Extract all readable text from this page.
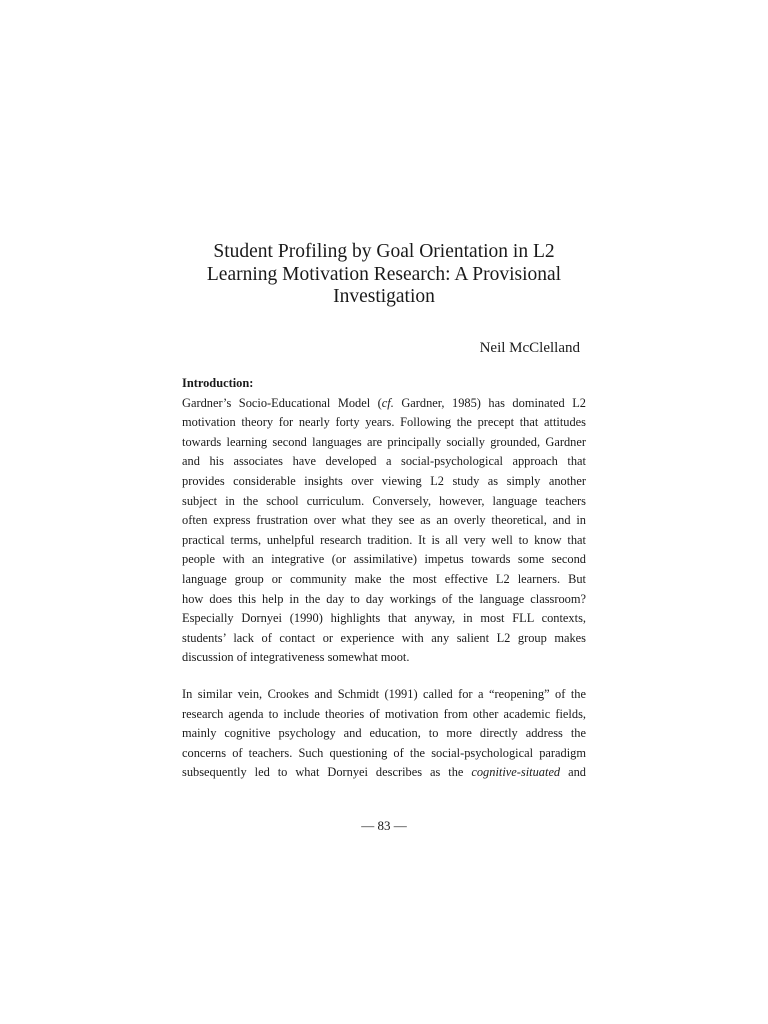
Student Profiling by Goal Orientation in L2
Learning Motivation Research: A Provisional
Investigation
Neil McClelland
Introduction:
Gardner’s Socio-Educational Model (cf. Gardner, 1985) has dominated L2
motivation theory for nearly forty years. Following the precept that attitudes
towards learning second languages are principally socially grounded, Gardner
and his associates have developed a social-psychological approach that
provides considerable insights over viewing L2 study as simply another
subject in the school curriculum. Conversely, however, language teachers
often express frustration over what they see as an overly theoretical, and in
practical terms, unhelpful research tradition. It is all very well to know that
people with an integrative (or assimilative) impetus towards some second
language group or community make the most effective L2 learners. But
how does this help in the day to day workings of the language classroom?
Especially Dornyei (1990) highlights that anyway, in most FLL contexts,
students’ lack of contact or experience with any salient L2 group makes
discussion of integrativeness somewhat moot.
In similar vein, Crookes and Schmidt (1991) called for a “reopening” of the
research agenda to include theories of motivation from other academic fields,
mainly cognitive psychology and education, to more directly address the
concerns of teachers. Such questioning of the social-psychological paradigm
subsequently led to what Dornyei describes as the cognitive-situated and
— 83 —
